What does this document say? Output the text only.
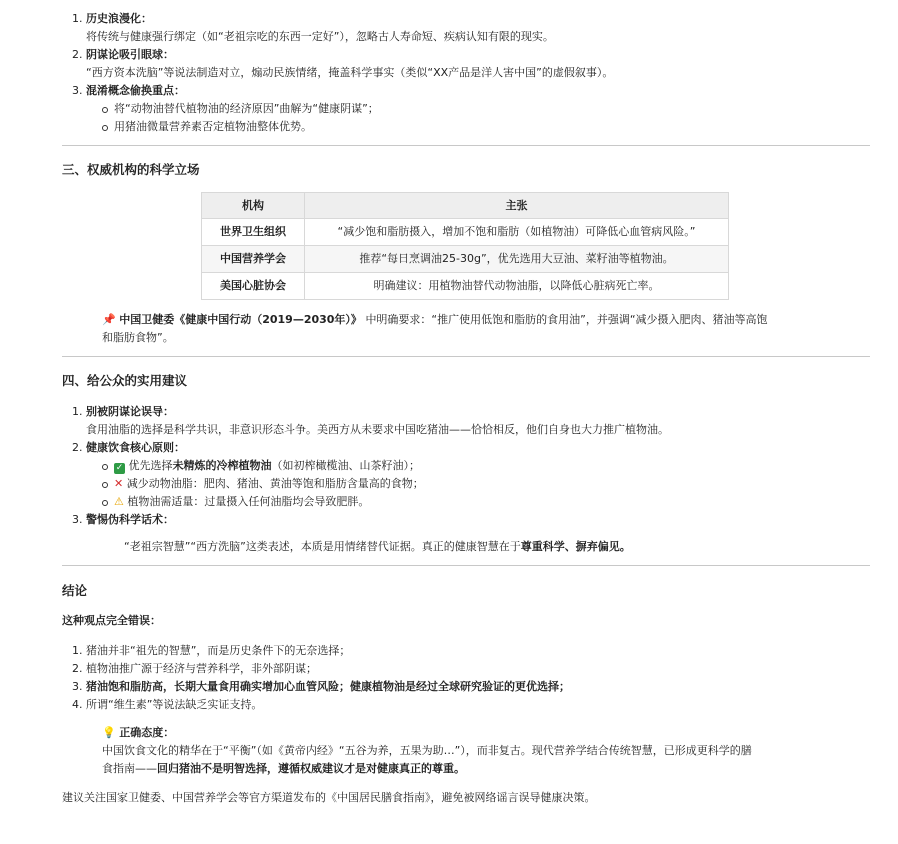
1. 历史浪漫化：
将传统与健康强行绑定（如“老祖宗吃的东西一定好”），忽略古人寿命短、疾病认知有限的现实。
2. 阴谋论吸引眼球：
“西方资本洗脑”等说法制造对立，煽动民族情绪，掩盖科学事实（类似“XX产品是洋人害中国”的虚假叙事）。
3. 混淆概念偷换重点：
将“动物油替代植物油的经济原因”曲解为“健康阴谋”；
用猪油微量营养素否定植物油整体优势。
三、权威机构的科学立场
机构	主张
世界卫生组织	“减少饱和脂肪摄入，增加不饱和脂肪（如植物油）可降低心血管病风险。”
中国营养学会	推荐“每日烹调油25-30g”，优先选用大豆油、菜籽油等植物油。
美国心脏协会	明确建议：用植物油替代动物油脂，以降低心脏病死亡率。
📌 中国卫健委《健康中国行动（2019—2030年）》 中明确要求：“推广使用低饱和脂肪的食用油”，并强调“减少摄入肥肉、猪油等高饱
和脂肪食物”。
四、给公众的实用建议
1. 别被阴谋论误导：
食用油脂的选择是科学共识，非意识形态斗争。美西方从未要求中国吃猪油——恰恰相反，他们自身也大力推广植物油。
2. 健康饮食核心原则：
✓ 优先选择未精炼的冷榨植物油（如初榨橄榄油、山茶籽油）；
✕ 减少动物油脂：肥肉、猪油、黄油等饱和脂肪含量高的食物；
⚠ 植物油需适量：过量摄入任何油脂均会导致肥胖。
3. 警惕伪科学话术：
“老祖宗智慧”“西方洗脑”这类表述，本质是用情绪替代证据。真正的健康智慧在于尊重科学、摒弃偏见。
结论
这种观点完全错误：
1. 猪油并非“祖先的智慧”，而是历史条件下的无奈选择；
2. 植物油推广源于经济与营养科学，非外部阴谋；
3. 猪油饱和脂肪高，长期大量食用确实增加心血管风险；健康植物油是经过全球研究验证的更优选择；
4. 所谓“维生素”等说法缺乏实证支持。
💡 正确态度：
中国饮食文化的精华在于“平衡”（如《黄帝内经》“五谷为养，五果为助…”），而非复古。现代营养学结合传统智慧，已形成更科学的膳
食指南——回归猪油不是明智选择，遵循权威建议才是对健康真正的尊重。
建议关注国家卫健委、中国营养学会等官方渠道发布的《中国居民膳食指南》，避免被网络谣言误导健康决策。
